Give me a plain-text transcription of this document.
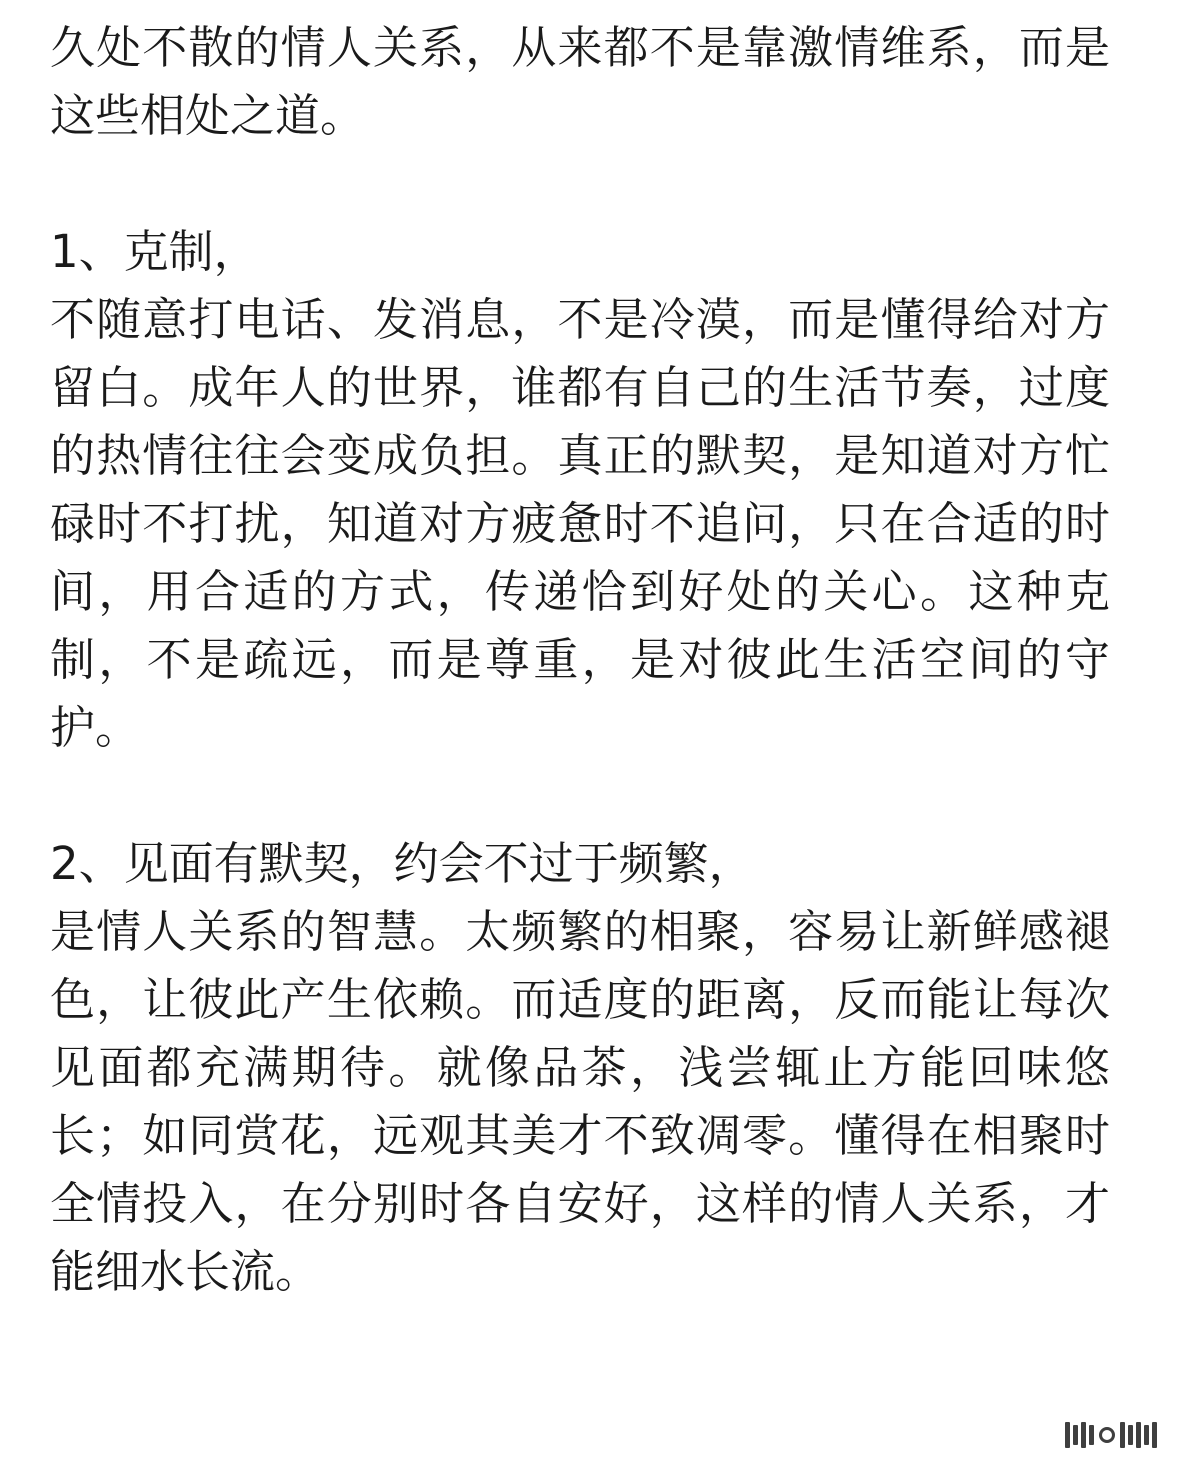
久处不散的情人关系，从来都不是靠激情维系，而是这些相处之道。

1、克制，

不随意打电话、发消息，不是冷漠，而是懂得给对方留白。成年人的世界，谁都有自己的生活节奏，过度的热情往往会变成负担。真正的默契，是知道对方忙碌时不打扰，知道对方疲惫时不追问，只在合适的时间，用合适的方式，传递恰到好处的关心。这种克制，不是疏远，而是尊重，是对彼此生活空间的守护。

2、见面有默契，约会不过于频繁，

是情人关系的智慧。太频繁的相聚，容易让新鲜感褪色，让彼此产生依赖。而适度的距离，反而能让每次见面都充满期待。就像品茶，浅尝辄止方能回味悠长；如同赏花，远观其美才不致凋零。懂得在相聚时全情投入，在分别时各自安好，这样的情人关系，才能细水长流。
